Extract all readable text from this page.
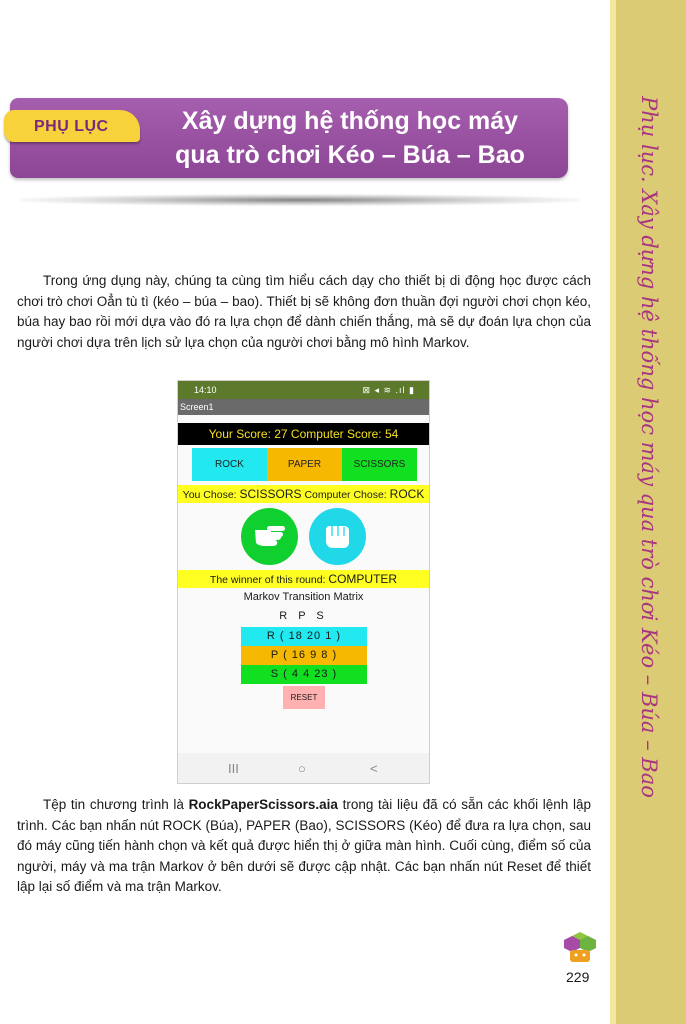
Phụ lục. Xây dựng hệ thống học máy qua trò chơi Kéo – Búa – Bao
PHỤ LỤC	Xây dựng hệ thống học máy
qua trò chơi Kéo – Búa – Bao
Trong ứng dụng này, chúng ta cùng tìm hiểu cách dạy cho thiết bị di động học được cách chơi trò chơi Oẳn tù tì (kéo – búa – bao). Thiết bị sẽ không đơn thuần đợi người chơi chọn kéo, búa hay bao rồi mới dựa vào đó ra lựa chọn để dành chiến thắng, mà sẽ dự đoán lựa chọn của người chơi dựa trên lịch sử lựa chọn của người chơi bằng mô hình Markov.
14:10	⊠ ◂ ≋ .ıl ▮
Screen1
Your Score: 27 Computer Score: 54
ROCK	PAPER	SCISSORS
You Chose: SCISSORS Computer Chose: ROCK
The winner of this round: COMPUTER
Markov Transition Matrix
R P S
R ( 18 20 1 )
P ( 16 9 8 )
S ( 4 4 23 )
RESET
III	○	<
Tệp tin chương trình là RockPaperScissors.aia trong tài liệu đã có sẵn các khối lệnh lập trình. Các bạn nhấn nút ROCK (Búa), PAPER (Bao), SCISSORS (Kéo) để đưa ra lựa chọn, sau đó máy cũng tiến hành chọn và kết quả được hiển thị ở giữa màn hình. Cuối cùng, điểm số của người, máy và ma trận Markov ở bên dưới sẽ được cập nhật. Các bạn nhấn nút Reset để thiết lập lại số điểm và ma trận Markov.
229
